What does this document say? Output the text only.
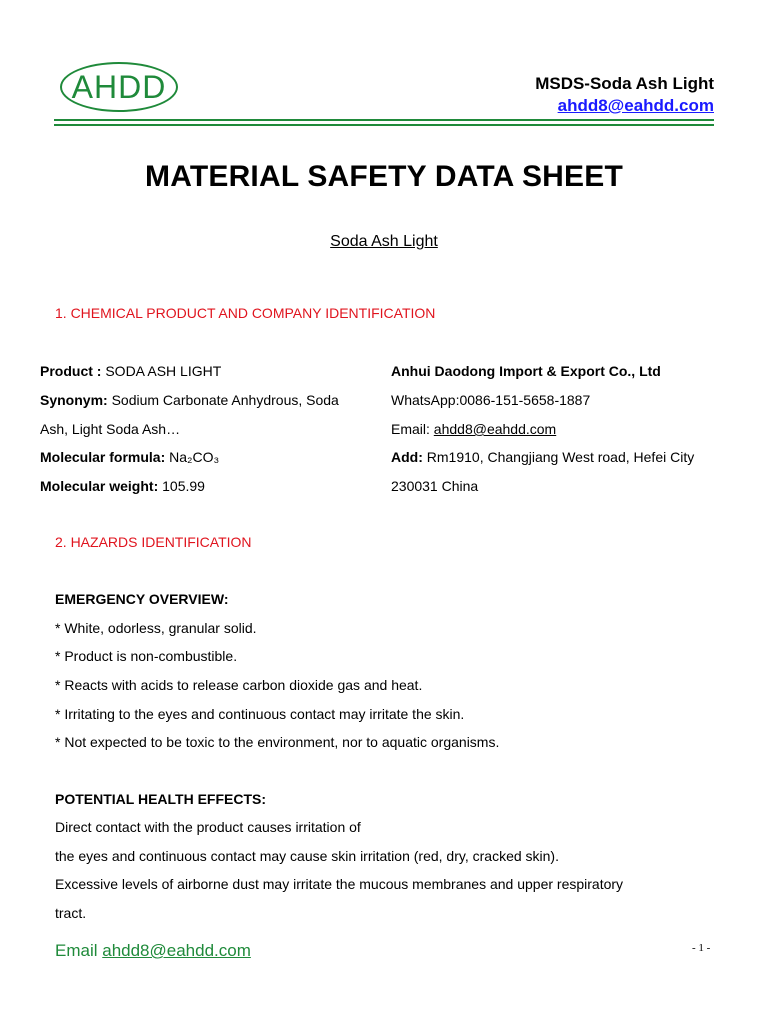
AHDD	MSDS-Soda Ash Light
ahdd8@eahdd.com
MATERIAL SAFETY DATA SHEET
Soda Ash Light
1. CHEMICAL PRODUCT AND COMPANY IDENTIFICATION
Product : SODA ASH LIGHT
Synonym: Sodium Carbonate Anhydrous, Soda
Ash, Light Soda Ash…
Molecular formula: Na₂CO₃
Molecular weight: 105.99
Anhui Daodong Import & Export Co., Ltd
WhatsApp:0086-151-5658-1887
Email: ahdd8@eahdd.com
Add: Rm1910, Changjiang West road, Hefei City
230031 China
2. HAZARDS IDENTIFICATION
EMERGENCY OVERVIEW:
* White, odorless, granular solid.
* Product is non-combustible.
* Reacts with acids to release carbon dioxide gas and heat.
* Irritating to the eyes and continuous contact may irritate the skin.
* Not expected to be toxic to the environment, nor to aquatic organisms.
POTENTIAL HEALTH EFFECTS:
Direct contact with the product causes irritation of
the eyes and continuous contact may cause skin irritation (red, dry, cracked skin).
Excessive levels of airborne dust may irritate the mucous membranes and upper respiratory
tract.
Email ahdd8@eahdd.com	- 1 -
